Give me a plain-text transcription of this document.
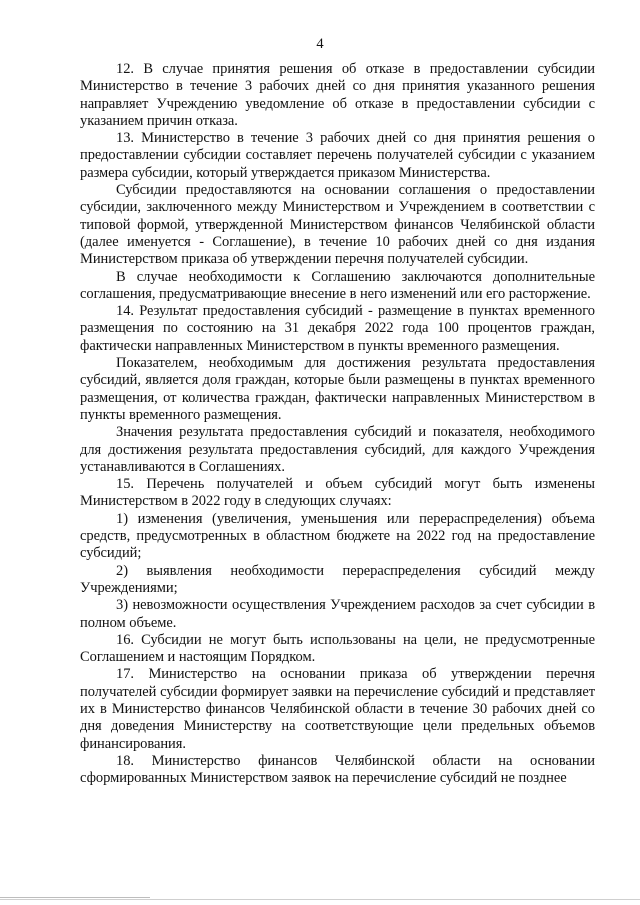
4

12. В случае принятия решения об отказе в предоставлении субсидии Министерство в течение 3 рабочих дней со дня принятия указанного решения направляет Учреждению уведомление об отказе в предоставлении субсидии с указанием причин отказа.

13. Министерство в течение 3 рабочих дней со дня принятия решения о предоставлении субсидии составляет перечень получателей субсидии с указанием размера субсидии, который утверждается приказом Министерства.

Субсидии предоставляются на основании соглашения о предоставлении субсидии, заключенного между Министерством и Учреждением в соответствии с типовой формой, утвержденной Министерством финансов Челябинской области (далее именуется - Соглашение), в течение 10 рабочих дней со дня издания Министерством приказа об утверждении перечня получателей субсидии.

В случае необходимости к Соглашению заключаются дополнительные соглашения, предусматривающие внесение в него изменений или его расторжение.

14. Результат предоставления субсидий - размещение в пунктах временного размещения по состоянию на 31 декабря 2022 года 100 процентов граждан, фактически направленных Министерством в пункты временного размещения.

Показателем, необходимым для достижения результата предоставления субсидий, является доля граждан, которые были размещены в пунктах временного размещения, от количества граждан, фактически направленных Министерством в пункты временного размещения.

Значения результата предоставления субсидий и показателя, необходимого для достижения результата предоставления субсидий, для каждого Учреждения устанавливаются в Соглашениях.

15. Перечень получателей и объем субсидий могут быть изменены Министерством в 2022 году в следующих случаях:

1) изменения (увеличения, уменьшения или перераспределения) объема средств, предусмотренных в областном бюджете на 2022 год на предоставление субсидий;

2) выявления необходимости перераспределения субсидий между Учреждениями;

3) невозможности осуществления Учреждением расходов за счет субсидии в полном объеме.

16. Субсидии не могут быть использованы на цели, не предусмотренные Соглашением и настоящим Порядком.

17. Министерство на основании приказа об утверждении перечня получателей субсидии формирует заявки на перечисление субсидий и представляет их в Министерство финансов Челябинской области в течение 30 рабочих дней со дня доведения Министерству на соответствующие цели предельных объемов финансирования.

18. Министерство финансов Челябинской области на основании сформированных Министерством заявок на перечисление субсидий не позднее
